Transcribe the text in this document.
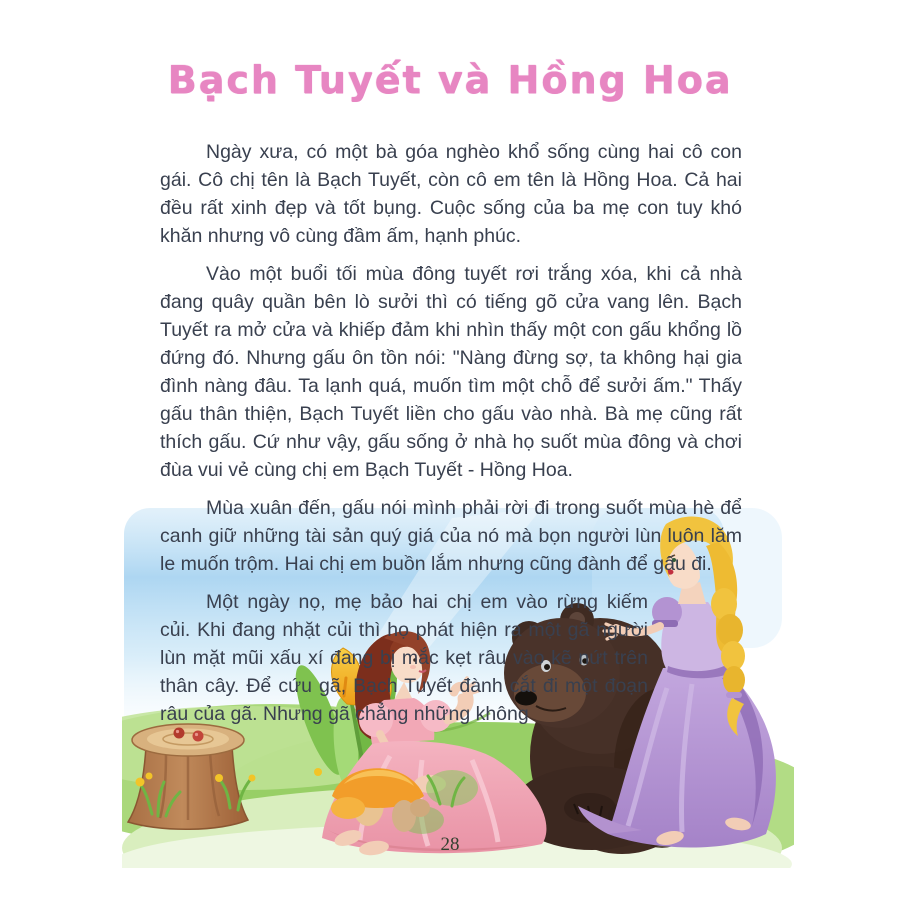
Bạch Tuyết và Hồng Hoa

Ngày xưa, có một bà góa nghèo khổ sống cùng hai cô con gái. Cô chị tên là Bạch Tuyết, còn cô em tên là Hồng Hoa. Cả hai đều rất xinh đẹp và tốt bụng. Cuộc sống của ba mẹ con tuy khó khăn nhưng vô cùng đầm ấm, hạnh phúc.

Vào một buổi tối mùa đông tuyết rơi trắng xóa, khi cả nhà đang quây quần bên lò sưởi thì có tiếng gõ cửa vang lên. Bạch Tuyết ra mở cửa và khiếp đảm khi nhìn thấy một con gấu khổng lồ đứng đó. Nhưng gấu ôn tồn nói: "Nàng đừng sợ, ta không hại gia đình nàng đâu. Ta lạnh quá, muốn tìm một chỗ để sưởi ấm." Thấy gấu thân thiện, Bạch Tuyết liền cho gấu vào nhà. Bà mẹ cũng rất thích gấu. Cứ như vậy, gấu sống ở nhà họ suốt mùa đông và chơi đùa vui vẻ cùng chị em Bạch Tuyết - Hồng Hoa.

Mùa xuân đến, gấu nói mình phải rời đi trong suốt mùa hè để canh giữ những tài sản quý giá của nó mà bọn người lùn luôn lăm le muốn trộm. Hai chị em buồn lắm nhưng cũng đành để gấu đi.

Một ngày nọ, mẹ bảo hai chị em vào rừng kiếm củi. Khi đang nhặt củi thì họ phát hiện ra một gã người lùn mặt mũi xấu xí đang bị mắc kẹt râu vào kẽ nứt trên thân cây. Để cứu gã, Bạch Tuyết đành cắt đi một đoạn râu của gã. Nhưng gã chẳng những không

28
